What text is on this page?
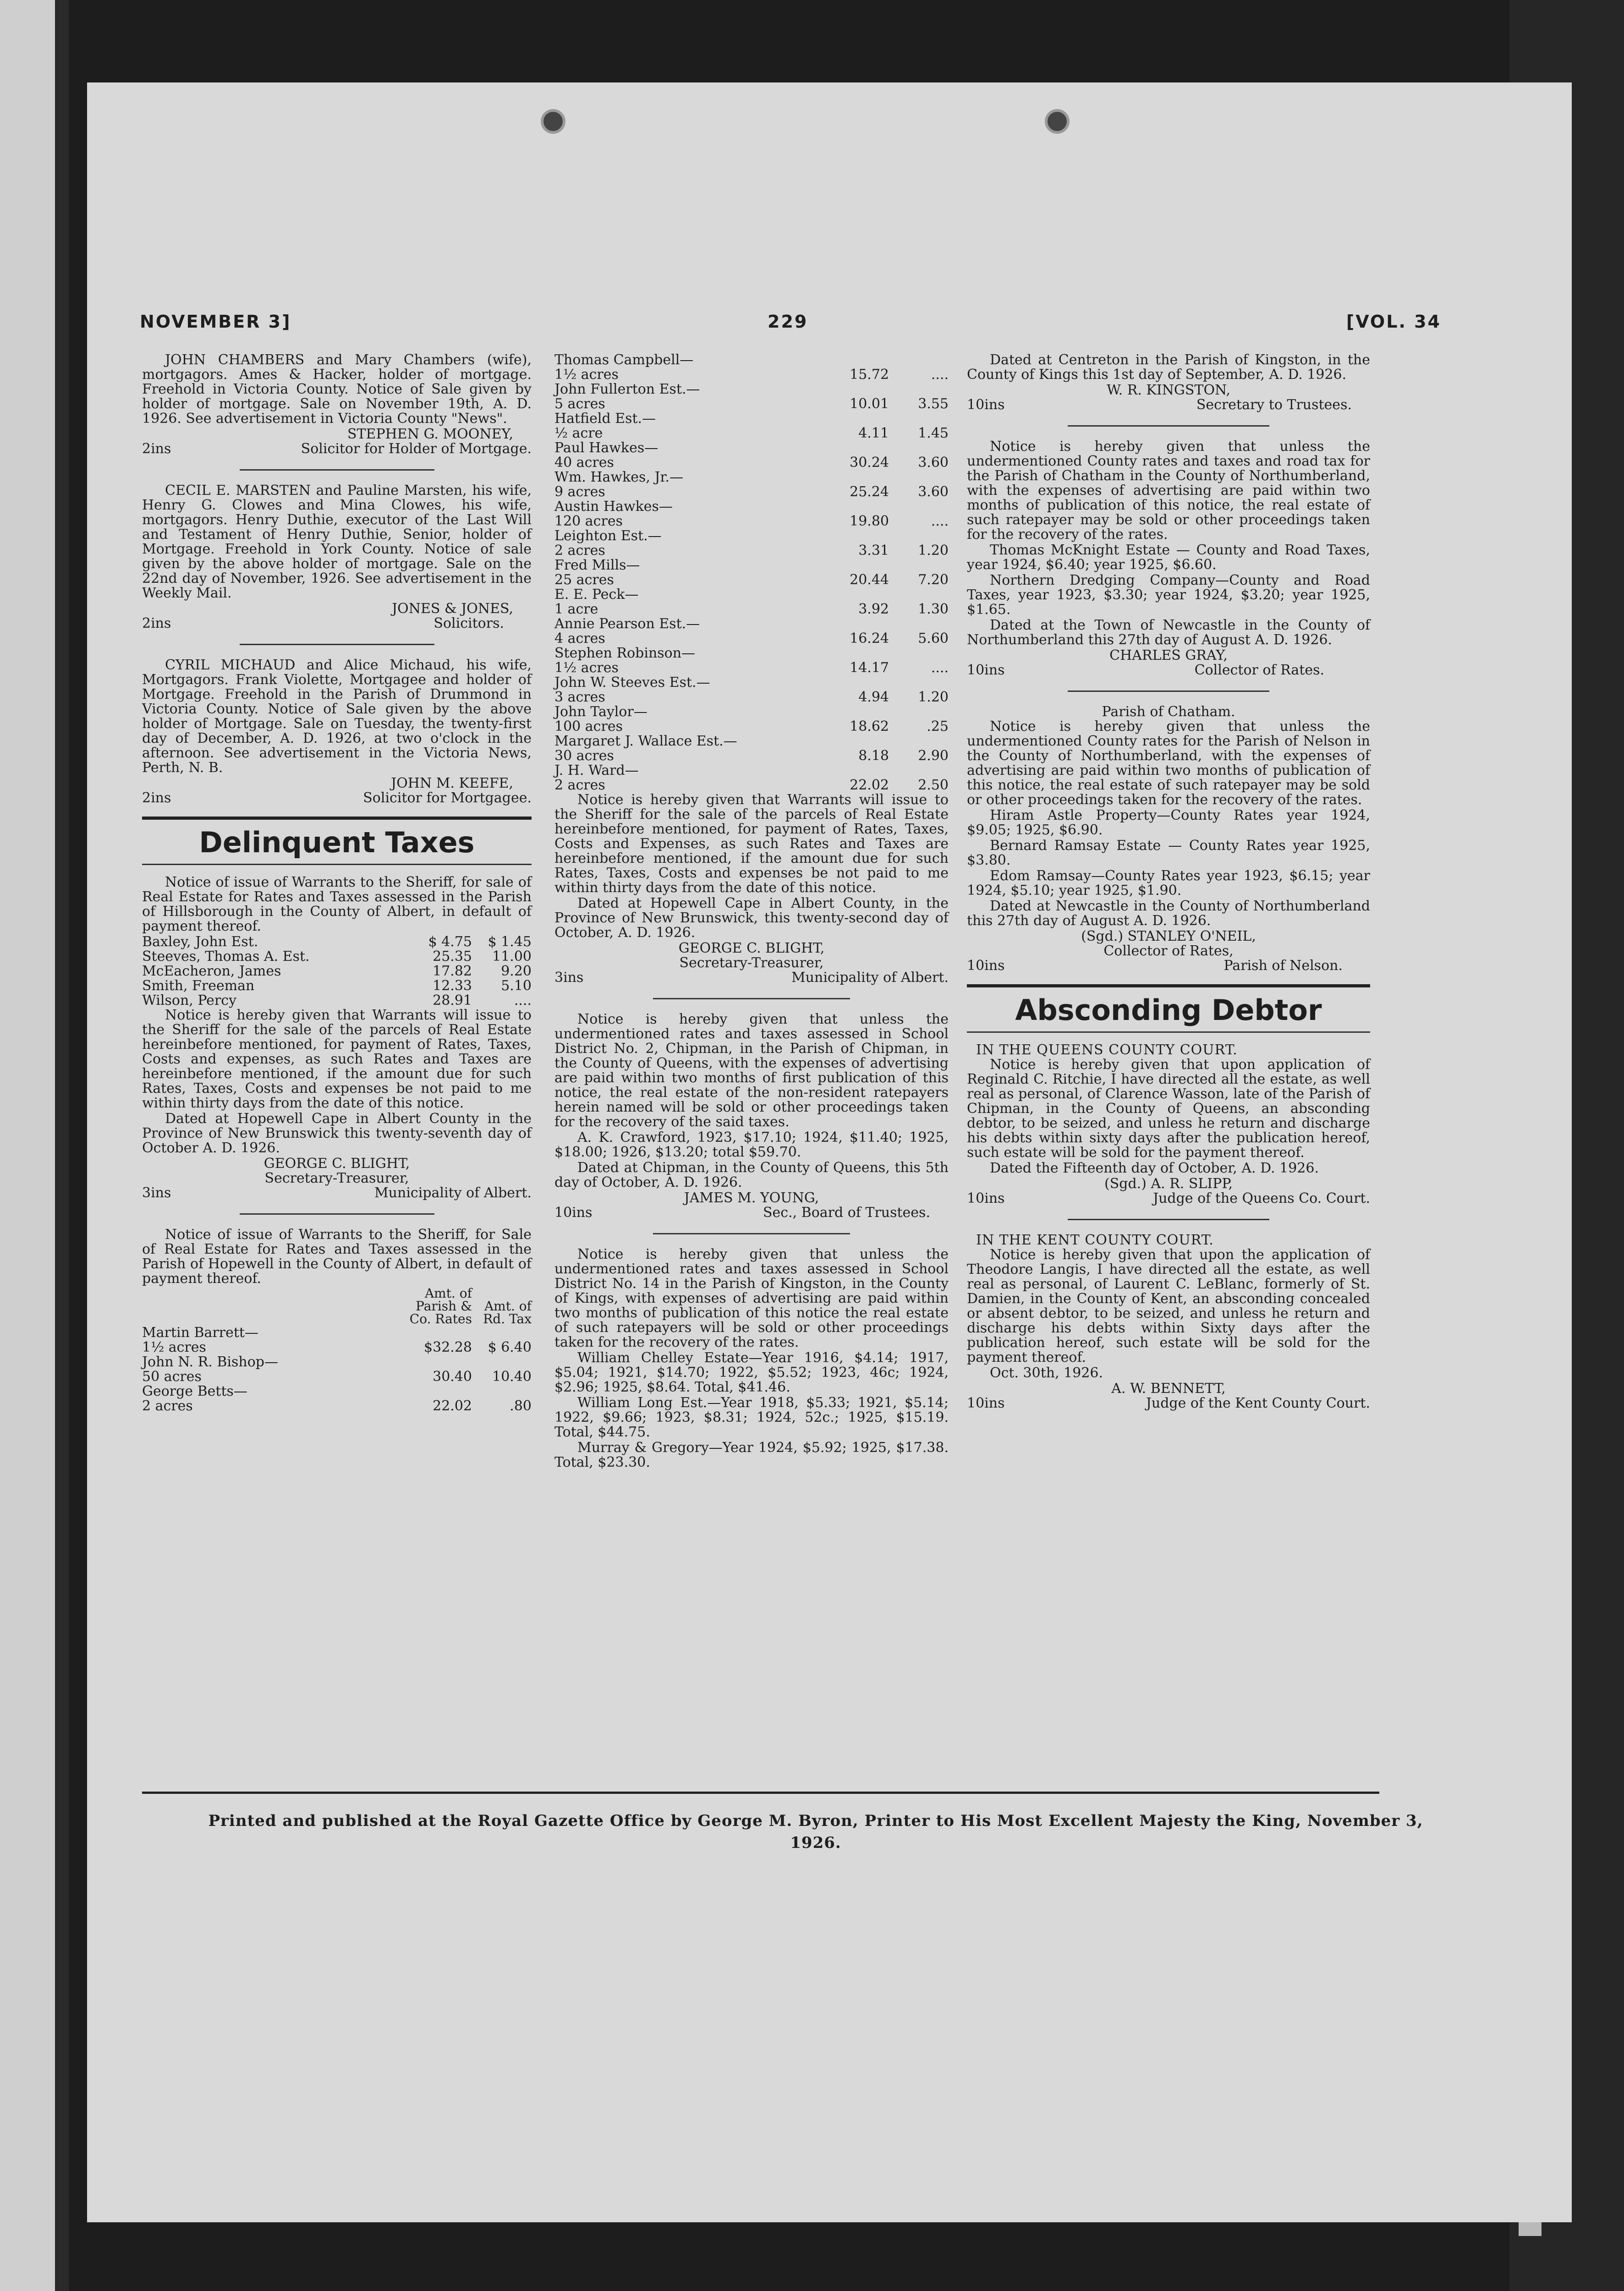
NOVEMBER 3]	229	[VOL. 34

JOHN CHAMBERS and Mary Chambers (wife), mortgagors. Ames & Hacker, holder of mortgage. Freehold in Victoria County. Notice of Sale given by holder of mortgage. Sale on November 19th, A. D. 1926. See advertisement in Victoria County "News".

STEPHEN G. MOONEY,
2ins	Solicitor for Holder of Mortgage.

CECIL E. MARSTEN and Pauline Marsten, his wife, Henry G. Clowes and Mina Clowes, his wife, mortgagors. Henry Duthie, executor of the Last Will and Testament of Henry Duthie, Senior, holder of Mortgage. Freehold in York County. Notice of sale given by the above holder of mortgage. Sale on the 22nd day of November, 1926. See advertisement in the Weekly Mail.

JONES & JONES,
2ins	Solicitors.

CYRIL MICHAUD and Alice Michaud, his wife, Mortgagors. Frank Violette, Mortgagee and holder of Mortgage. Freehold in the Parish of Drummond in Victoria County. Notice of Sale given by the above holder of Mortgage. Sale on Tuesday, the twenty-first day of December, A. D. 1926, at two o'clock in the afternoon. See advertisement in the Victoria News, Perth, N. B.

JOHN M. KEEFE,
2ins	Solicitor for Mortgagee.
Delinquent Taxes

Notice of issue of Warrants to the Sheriff, for sale of Real Estate for Rates and Taxes assessed in the Parish of Hillsborough in the County of Albert, in default of payment thereof.

Baxley, John Est.	$ 4.75	$ 1.45
Steeves, Thomas A. Est.	25.35	11.00
McEacheron, James	17.82	9.20
Smith, Freeman	12.33	5.10
Wilson, Percy	28.91	....

Notice is hereby given that Warrants will issue to the Sheriff for the sale of the parcels of Real Estate hereinbefore mentioned, for payment of Rates, Taxes, Costs and expenses, as such Rates and Taxes are hereinbefore mentioned, if the amount due for such Rates, Taxes, Costs and expenses be not paid to me within thirty days from the date of this notice.

Dated at Hopewell Cape in Albert County in the Province of New Brunswick this twenty-seventh day of October A. D. 1926.

GEORGE C. BLIGHT,
Secretary-Treasurer,
3ins	Municipality of Albert.

Notice of issue of Warrants to the Sheriff, for Sale of Real Estate for Rates and Taxes assessed in the Parish of Hopewell in the County of Albert, in default of payment thereof.

	Amt. of Parish & Co. Rates	Amt. of Rd. Tax
Martin Barrett—		
1½ acres	$32.28	$ 6.40
John N. R. Bishop—		
50 acres	30.40	10.40
George Betts—		
2 acres	22.02	.80
Thomas Campbell—		
1½ acres	15.72	....
John Fullerton Est.—		
5 acres	10.01	3.55
Hatfield Est.—		
½ acre	4.11	1.45
Paul Hawkes—		
40 acres	30.24	3.60
Wm. Hawkes, Jr.—		
9 acres	25.24	3.60
Austin Hawkes—		
120 acres	19.80	....
Leighton Est.—		
2 acres	3.31	1.20
Fred Mills—		
25 acres	20.44	7.20
E. E. Peck—		
1 acre	3.92	1.30
Annie Pearson Est.—		
4 acres	16.24	5.60
Stephen Robinson—		
1½ acres	14.17	....
John W. Steeves Est.—		
3 acres	4.94	1.20
John Taylor—		
100 acres	18.62	.25
Margaret J. Wallace Est.—		
30 acres	8.18	2.90
J. H. Ward—		
2 acres	22.02	2.50

Notice is hereby given that Warrants will issue to the Sheriff for the sale of the parcels of Real Estate hereinbefore mentioned, for payment of Rates, Taxes, Costs and Expenses, as such Rates and Taxes are hereinbefore mentioned, if the amount due for such Rates, Taxes, Costs and expenses be not paid to me within thirty days from the date of this notice.

Dated at Hopewell Cape in Albert County, in the Province of New Brunswick, this twenty-second day of October, A. D. 1926.

GEORGE C. BLIGHT,
Secretary-Treasurer,
3ins	Municipality of Albert.

Notice is hereby given that unless the undermentioned rates and taxes assessed in School District No. 2, Chipman, in the Parish of Chipman, in the County of Queens, with the expenses of advertising are paid within two months of first publication of this notice, the real estate of the non-resident ratepayers herein named will be sold or other proceedings taken for the recovery of the said taxes.

A. K. Crawford, 1923, $17.10; 1924, $11.40; 1925, $18.00; 1926, $13.20; total $59.70.

Dated at Chipman, in the County of Queens, this 5th day of October, A. D. 1926.

JAMES M. YOUNG,
10ins	Sec., Board of Trustees.

Notice is hereby given that unless the undermentioned rates and taxes assessed in School District No. 14 in the Parish of Kingston, in the County of Kings, with expenses of advertising are paid within two months of publication of this notice the real estate of such ratepayers will be sold or other proceedings taken for the recovery of the rates.

William Chelley Estate—Year 1916, $4.14; 1917, $5.04; 1921, $14.70; 1922, $5.52; 1923, 46c; 1924, $2.96; 1925, $8.64. Total, $41.46.

William Long Est.—Year 1918, $5.33; 1921, $5.14; 1922, $9.66; 1923, $8.31; 1924, 52c.; 1925, $15.19. Total, $44.75.

Murray & Gregory—Year 1924, $5.92; 1925, $17.38. Total, $23.30.

Dated at Centreton in the Parish of Kingston, in the County of Kings this 1st day of September, A. D. 1926.

W. R. KINGSTON,
10ins	Secretary to Trustees.

Notice is hereby given that unless the undermentioned County rates and taxes and road tax for the Parish of Chatham in the County of Northumberland, with the expenses of advertising are paid within two months of publication of this notice, the real estate of such ratepayer may be sold or other proceedings taken for the recovery of the rates.

Thomas McKnight Estate — County and Road Taxes, year 1924, $6.40; year 1925, $6.60.

Northern Dredging Company—County and Road Taxes, year 1923, $3.30; year 1924, $3.20; year 1925, $1.65.

Dated at the Town of Newcastle in the County of Northumberland this 27th day of August A. D. 1926.

CHARLES GRAY,
10ins	Collector of Rates.
Parish of Chatham.

Notice is hereby given that unless the undermentioned County rates for the Parish of Nelson in the County of Northumberland, with the expenses of advertising are paid within two months of publication of this notice, the real estate of such ratepayer may be sold or other proceedings taken for the recovery of the rates.

Hiram Astle Property—County Rates year 1924, $9.05; 1925, $6.90.

Bernard Ramsay Estate — County Rates year 1925, $3.80.

Edom Ramsay—County Rates year 1923, $6.15; year 1924, $5.10; year 1925, $1.90.

Dated at Newcastle in the County of Northumberland this 27th day of August A. D. 1926.

(Sgd.) STANLEY O'NEIL,
Collector of Rates,
10ins	Parish of Nelson.
Absconding Debtor
IN THE QUEENS COUNTY COURT.

Notice is hereby given that upon application of Reginald C. Ritchie, I have directed all the estate, as well real as personal, of Clarence Wasson, late of the Parish of Chipman, in the County of Queens, an absconding debtor, to be seized, and unless he return and discharge his debts within sixty days after the publication hereof, such estate will be sold for the payment thereof.

Dated the Fifteenth day of October, A. D. 1926.

(Sgd.) A. R. SLIPP,
10ins	Judge of the Queens Co. Court.
IN THE KENT COUNTY COURT.

Notice is hereby given that upon the application of Theodore Langis, I have directed all the estate, as well real as personal, of Laurent C. LeBlanc, formerly of St. Damien, in the County of Kent, an absconding concealed or absent debtor, to be seized, and unless he return and discharge his debts within Sixty days after the publication hereof, such estate will be sold for the payment thereof.

Oct. 30th, 1926.

A. W. BENNETT,
10ins	Judge of the Kent County Court.
Printed and published at the Royal Gazette Office by George M. Byron, Printer to His Most Excellent Majesty the King, November 3, 1926.
